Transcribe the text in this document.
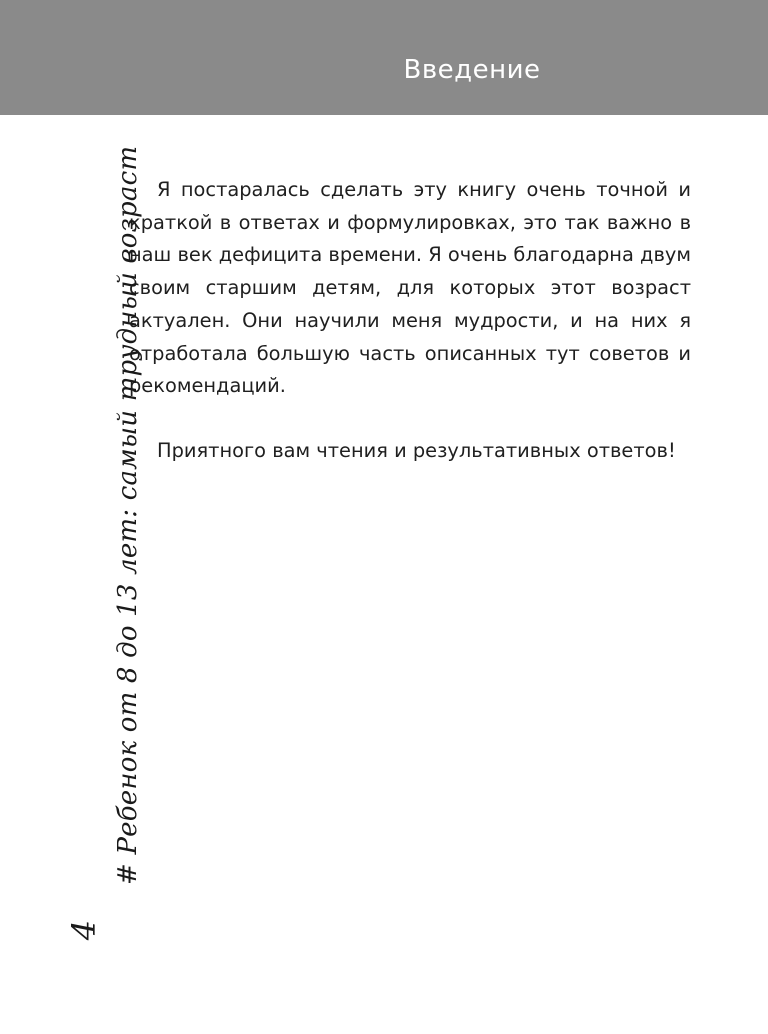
Введение

Я постаралась сделать эту книгу очень точной и краткой в ответах и формулировках, это так важно в наш век дефицита времени. Я очень благодарна двум своим старшим детям, для которых этот возраст актуален. Они научили меня мудрости, и на них я отработала большую часть описанных тут советов и рекомендаций.

Приятного вам чтения и результативных ответов!

# Ребенок от 8 до 13 лет: самый трудный возраст
4
